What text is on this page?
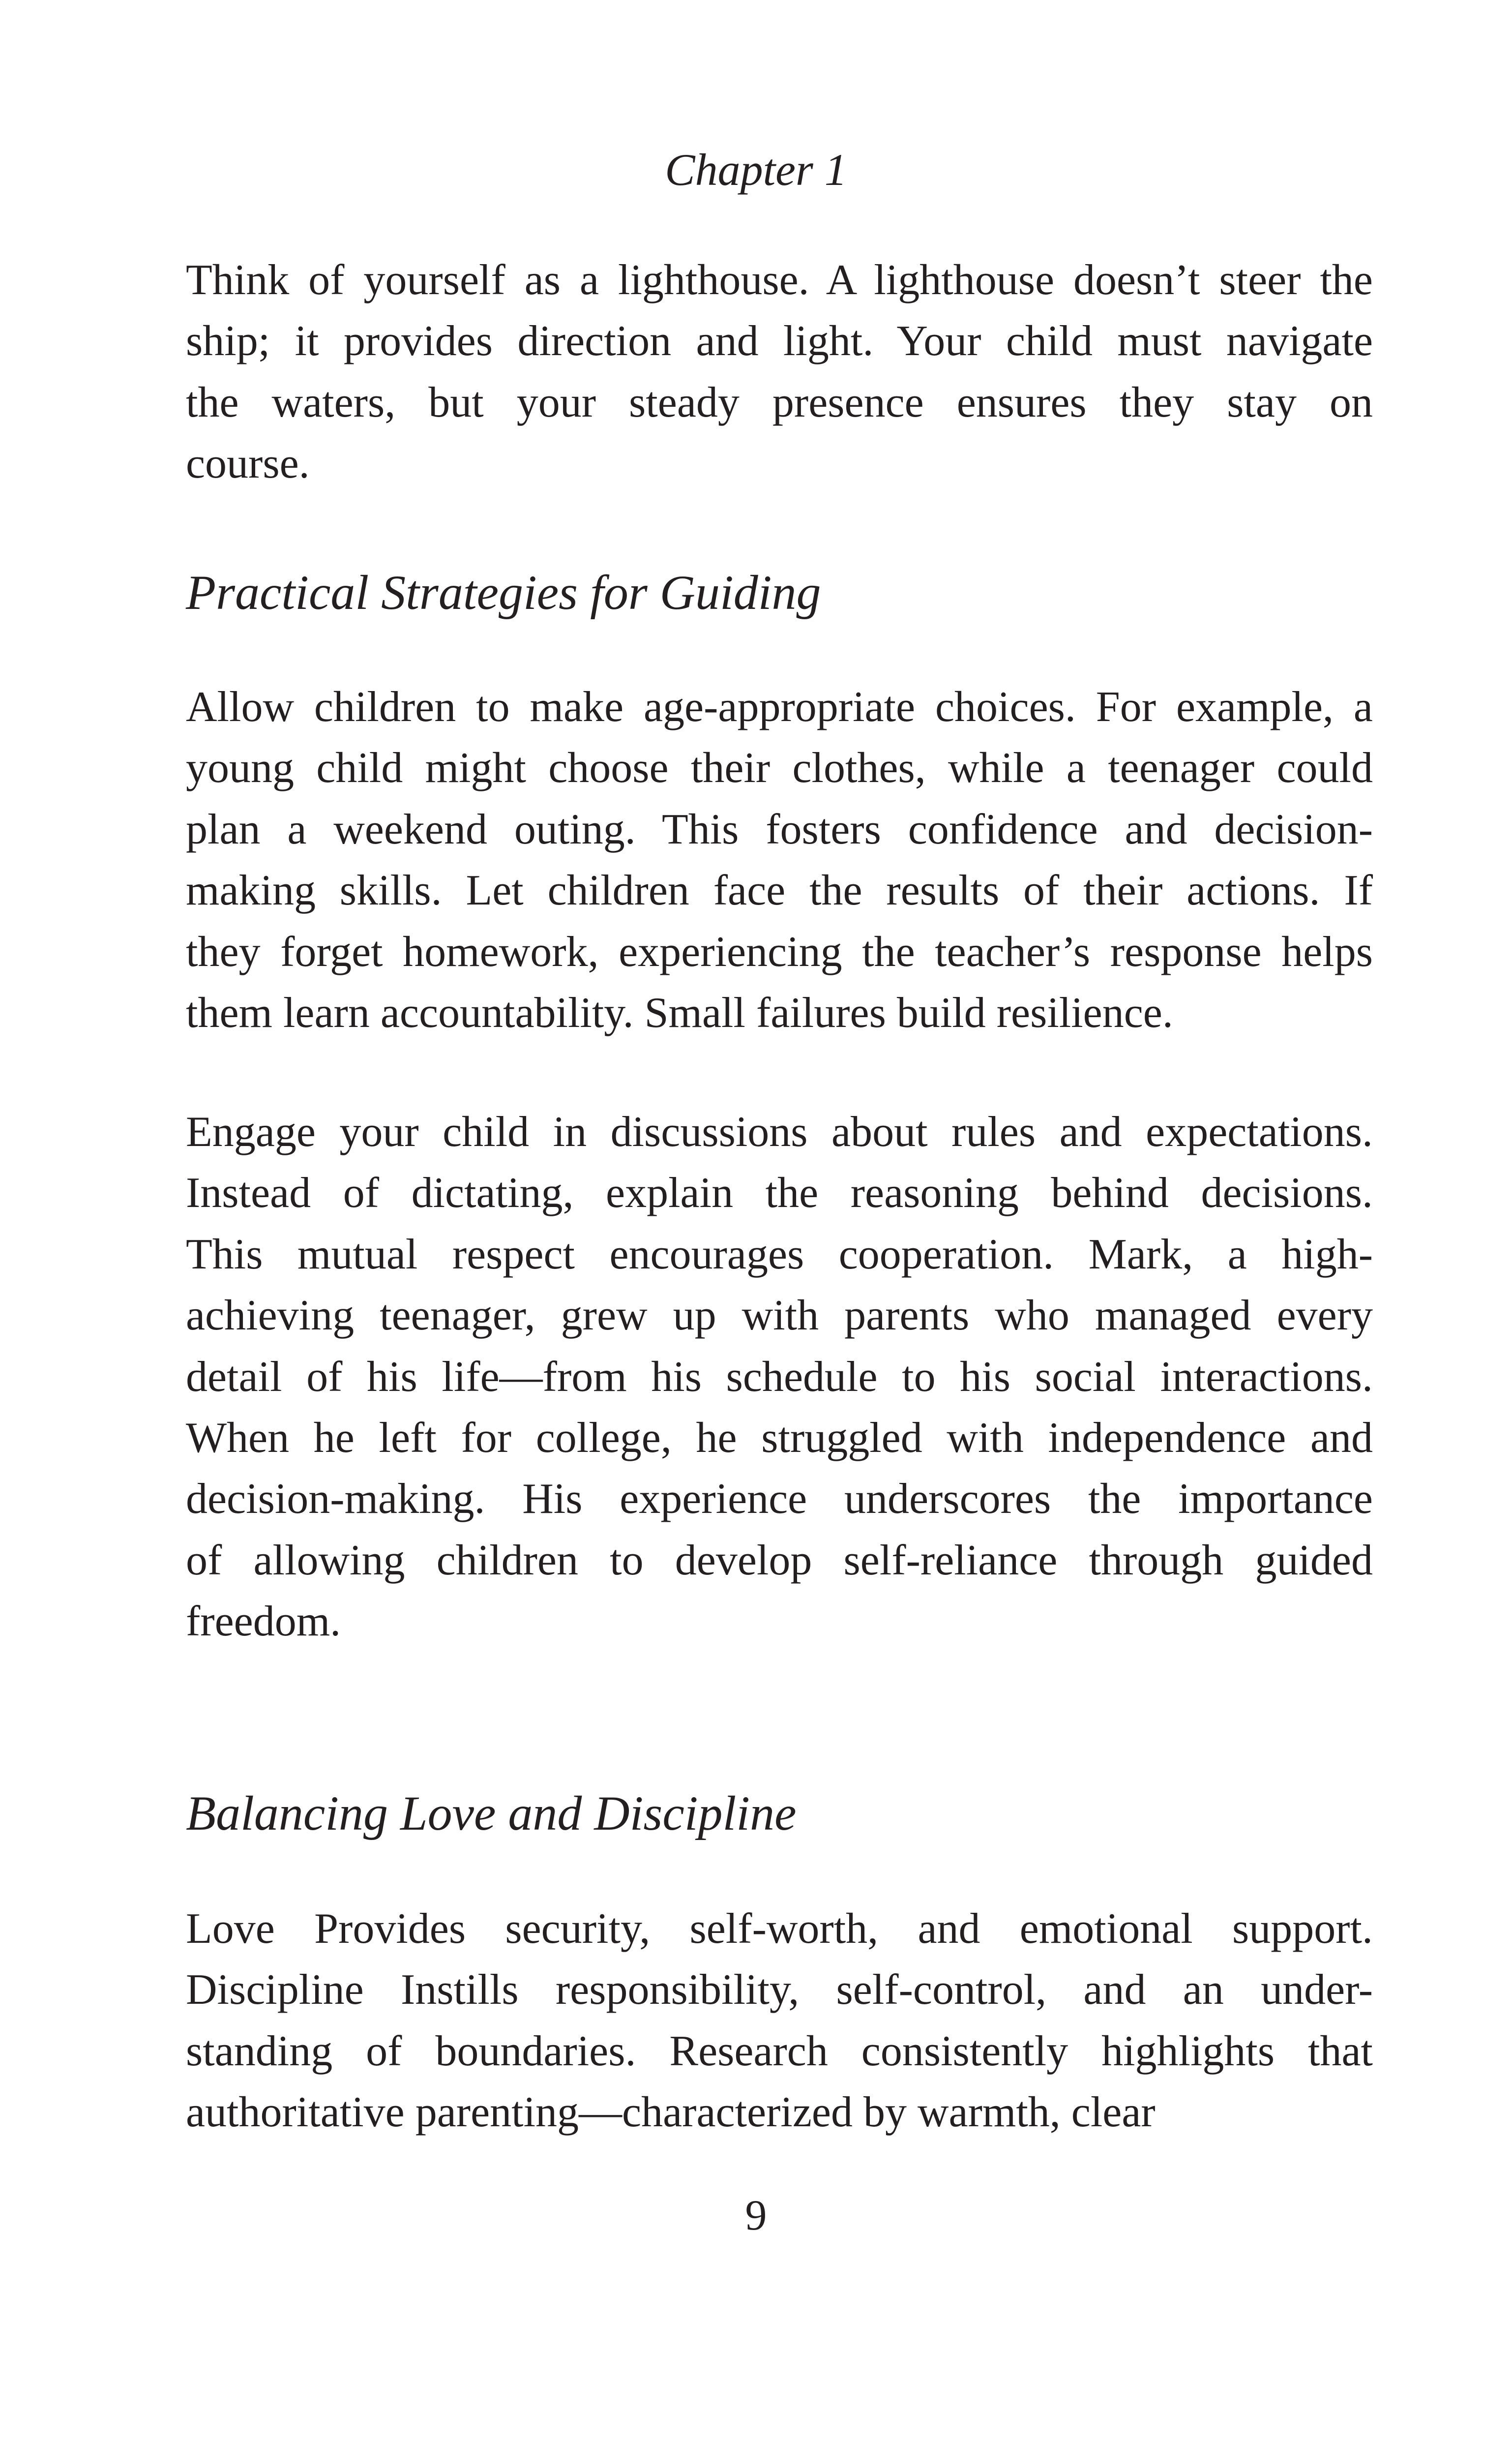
Chapter 1
Think of yourself as a lighthouse. A lighthouse doesn’t steer the
ship; it provides direction and light. Your child must navigate
the waters, but your steady presence ensures they stay on
course.
Practical Strategies for Guiding
Allow children to make age-appropriate choices. For example, a
young child might choose their clothes, while a teenager could
plan a weekend outing. This fosters confidence and decision-
making skills. Let children face the results of their actions. If
they forget homework, experiencing the teacher’s response helps
them learn accountability. Small failures build resilience.
Engage your child in discussions about rules and expectations.
Instead of dictating, explain the reasoning behind decisions.
This mutual respect encourages cooperation. Mark, a high-
achieving teenager, grew up with parents who managed every
detail of his life—from his schedule to his social interactions.
When he left for college, he struggled with independence and
decision-making. His experience underscores the importance
of allowing children to develop self-reliance through guided
freedom.
Balancing Love and Discipline
Love Provides security, self-worth, and emotional support.
Discipline Instills responsibility, self-control, and an under-
standing of boundaries. Research consistently highlights that
authoritative parenting—characterized by warmth, clear
9
